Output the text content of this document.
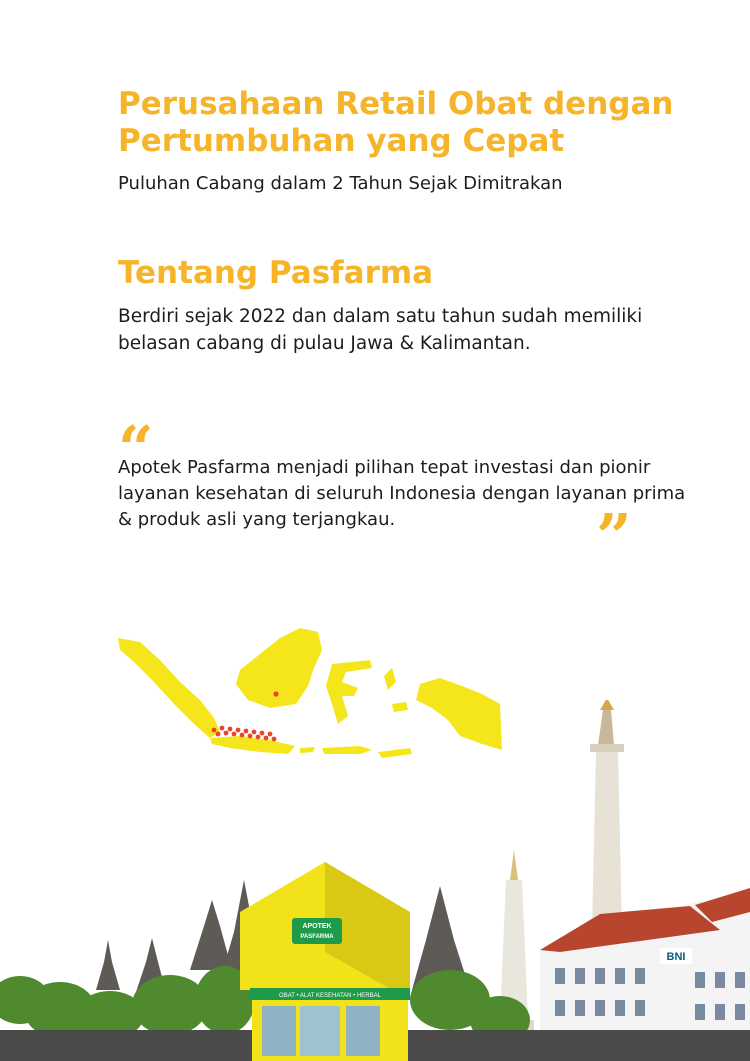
Perusahaan Retail Obat dengan Pertumbuhan yang Cepat

Puluhan Cabang dalam 2 Tahun Sejak Dimitrakan

Tentang Pasfarma

Berdiri sejak 2022 dan dalam satu tahun sudah memiliki belasan cabang di pulau Jawa & Kalimantan.

“

Apotek Pasfarma menjadi pilihan tepat investasi dan pionir layanan kesehatan di seluruh Indonesia dengan layanan prima & produk asli yang terjangkau.	”
BNI
APOTEK
PASFARMA
OBAT • ALAT KESEHATAN • HERBAL
